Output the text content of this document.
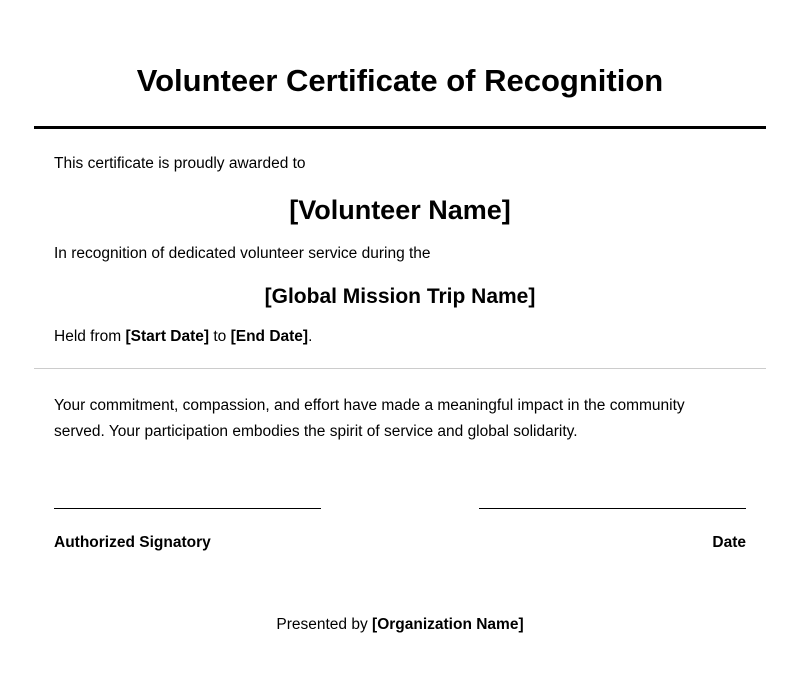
Volunteer Certificate of Recognition

This certificate is proudly awarded to

[Volunteer Name]

In recognition of dedicated volunteer service during the

[Global Mission Trip Name]

Held from [Start Date] to [End Date].

Your commitment, compassion, and effort have made a meaningful impact in the community served. Your participation embodies the spirit of service and global solidarity.

Authorized Signatory	Date

Presented by [Organization Name]
